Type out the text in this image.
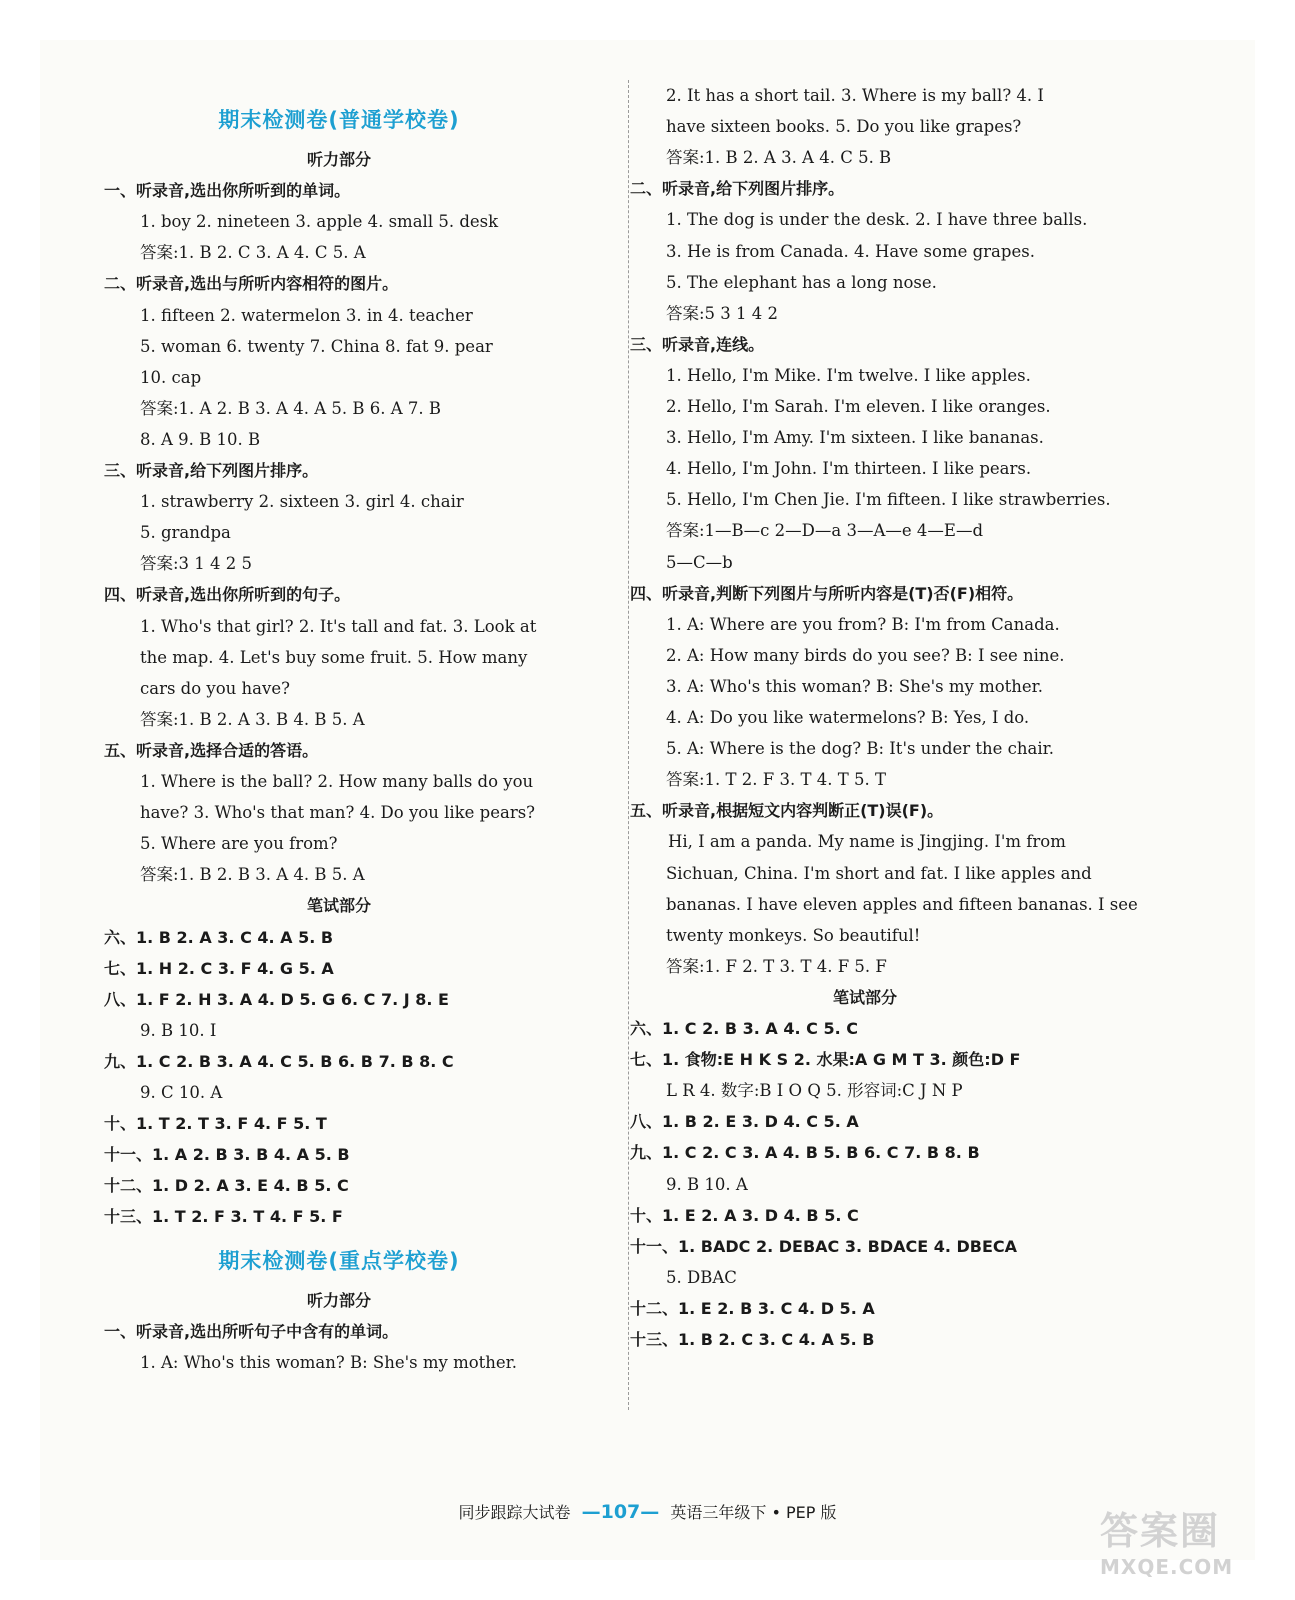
期末检测卷(普通学校卷)
听力部分
一、听录音,选出你所听到的单词。
1. boy 2. nineteen 3. apple 4. small 5. desk
答案:1. B 2. C 3. A 4. C 5. A
二、听录音,选出与所听内容相符的图片。
1. fifteen 2. watermelon 3. in 4. teacher
5. woman 6. twenty 7. China 8. fat 9. pear
10. cap
答案:1. A 2. B 3. A 4. A 5. B 6. A 7. B
8. A 9. B 10. B
三、听录音,给下列图片排序。
1. strawberry 2. sixteen 3. girl 4. chair
5. grandpa
答案:3 1 4 2 5
四、听录音,选出你所听到的句子。
1. Who's that girl? 2. It's tall and fat. 3. Look at
the map. 4. Let's buy some fruit. 5. How many
cars do you have?
答案:1. B 2. A 3. B 4. B 5. A
五、听录音,选择合适的答语。
1. Where is the ball? 2. How many balls do you
have? 3. Who's that man? 4. Do you like pears?
5. Where are you from?
答案:1. B 2. B 3. A 4. B 5. A
笔试部分
六、1. B 2. A 3. C 4. A 5. B
七、1. H 2. C 3. F 4. G 5. A
八、1. F 2. H 3. A 4. D 5. G 6. C 7. J 8. E
9. B 10. I
九、1. C 2. B 3. A 4. C 5. B 6. B 7. B 8. C
9. C 10. A
十、1. T 2. T 3. F 4. F 5. T
十一、1. A 2. B 3. B 4. A 5. B
十二、1. D 2. A 3. E 4. B 5. C
十三、1. T 2. F 3. T 4. F 5. F
期末检测卷(重点学校卷)
听力部分
一、听录音,选出所听句子中含有的单词。
1. A: Who's this woman? B: She's my mother.
2. It has a short tail. 3. Where is my ball? 4. I
have sixteen books. 5. Do you like grapes?
答案:1. B 2. A 3. A 4. C 5. B
二、听录音,给下列图片排序。
1. The dog is under the desk. 2. I have three balls.
3. He is from Canada. 4. Have some grapes.
5. The elephant has a long nose.
答案:5 3 1 4 2
三、听录音,连线。
1. Hello, I'm Mike. I'm twelve. I like apples.
2. Hello, I'm Sarah. I'm eleven. I like oranges.
3. Hello, I'm Amy. I'm sixteen. I like bananas.
4. Hello, I'm John. I'm thirteen. I like pears.
5. Hello, I'm Chen Jie. I'm fifteen. I like strawberries.
答案:1—B—c 2—D—a 3—A—e 4—E—d
5—C—b
四、听录音,判断下列图片与所听内容是(T)否(F)相符。
1. A: Where are you from? B: I'm from Canada.
2. A: How many birds do you see? B: I see nine.
3. A: Who's this woman? B: She's my mother.
4. A: Do you like watermelons? B: Yes, I do.
5. A: Where is the dog? B: It's under the chair.
答案:1. T 2. F 3. T 4. T 5. T
五、听录音,根据短文内容判断正(T)误(F)。
Hi, I am a panda. My name is Jingjing. I'm from
Sichuan, China. I'm short and fat. I like apples and
bananas. I have eleven apples and fifteen bananas. I see
twenty monkeys. So beautiful!
答案:1. F 2. T 3. T 4. F 5. F
笔试部分
六、1. C 2. B 3. A 4. C 5. C
七、1. 食物:E H K S 2. 水果:A G M T 3. 颜色:D F
L R 4. 数字:B I O Q 5. 形容词:C J N P
八、1. B 2. E 3. D 4. C 5. A
九、1. C 2. C 3. A 4. B 5. B 6. C 7. B 8. B
9. B 10. A
十、1. E 2. A 3. D 4. B 5. C
十一、1. BADC 2. DEBAC 3. BDACE 4. DBECA
5. DBAC
十二、1. E 2. B 3. C 4. D 5. A
十三、1. B 2. C 3. C 4. A 5. B
同步跟踪大试卷 —107— 英语三年级下 • PEP 版	答案圈
MXQE.COM
